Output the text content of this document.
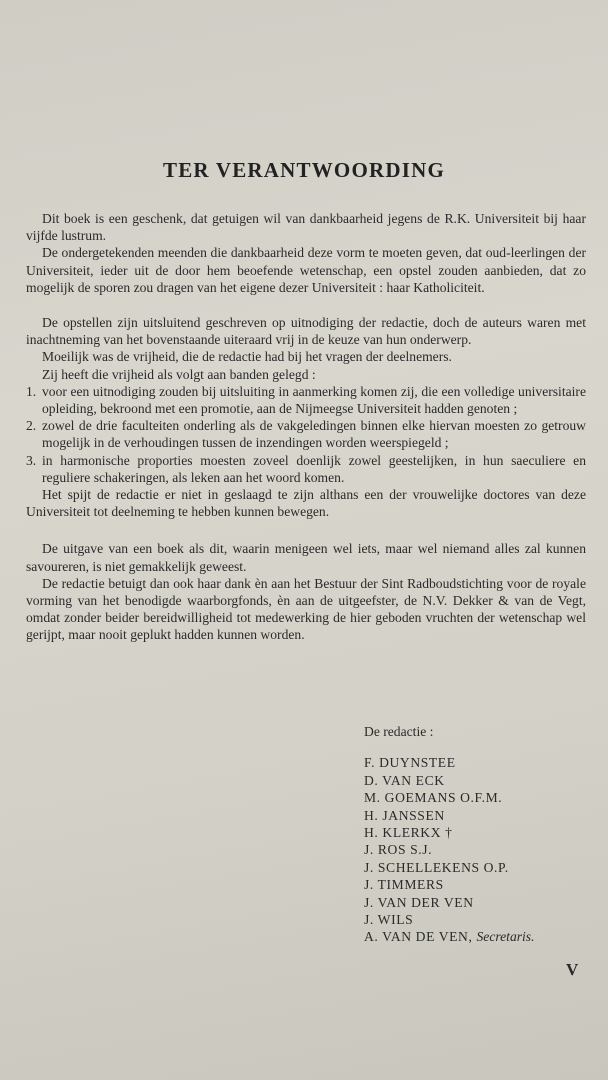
TER VERANTWOORDING

Dit boek is een geschenk, dat getuigen wil van dankbaarheid jegens de R.K. Universiteit bij haar vijfde lustrum.

De ondergetekenden meenden die dankbaarheid deze vorm te moeten geven, dat oud-leerlingen der Universiteit, ieder uit de door hem beoefende wetenschap, een opstel zouden aanbieden, dat zo mogelijk de sporen zou dragen van het eigene dezer Universiteit : haar Katholiciteit.

De opstellen zijn uitsluitend geschreven op uitnodiging der redactie, doch de auteurs waren met inachtneming van het bovenstaande uiteraard vrij in de keuze van hun onderwerp.

Moeilijk was de vrijheid, die de redactie had bij het vragen der deelnemers.

Zij heeft die vrijheid als volgt aan banden gelegd :

1. voor een uitnodiging zouden bij uitsluiting in aanmerking komen zij, die een volledige universitaire opleiding, bekroond met een promotie, aan de Nijmeegse Universiteit hadden genoten ;
2. zowel de drie faculteiten onderling als de vakgeledingen binnen elke hiervan moesten zo getrouw mogelijk in de verhoudingen tussen de inzendingen worden weerspiegeld ;
3. in harmonische proporties moesten zoveel doenlijk zowel geestelijken, in hun saeculiere en reguliere schakeringen, als leken aan het woord komen.

Het spijt de redactie er niet in geslaagd te zijn althans een der vrouwelijke doctores van deze Universiteit tot deelneming te hebben kunnen bewegen.

De uitgave van een boek als dit, waarin menigeen wel iets, maar wel niemand alles zal kunnen savoureren, is niet gemakkelijk geweest.

De redactie betuigt dan ook haar dank èn aan het Bestuur der Sint Radboudstichting voor de royale vorming van het benodigde waarborgfonds, èn aan de uitgeefster, de N.V. Dekker & van de Vegt, omdat zonder beider bereidwilligheid tot medewerking de hier geboden vruchten der wetenschap wel gerijpt, maar nooit geplukt hadden kunnen worden.

De redactie :
F. DUYNSTEE
D. VAN ECK
M. GOEMANS O.F.M.
H. JANSSEN
H. KLERKX †
J. ROS S.J.
J. SCHELLEKENS O.P.
J. TIMMERS
J. VAN DER VEN
J. WILS
A. VAN DE VEN, Secretaris.
V
